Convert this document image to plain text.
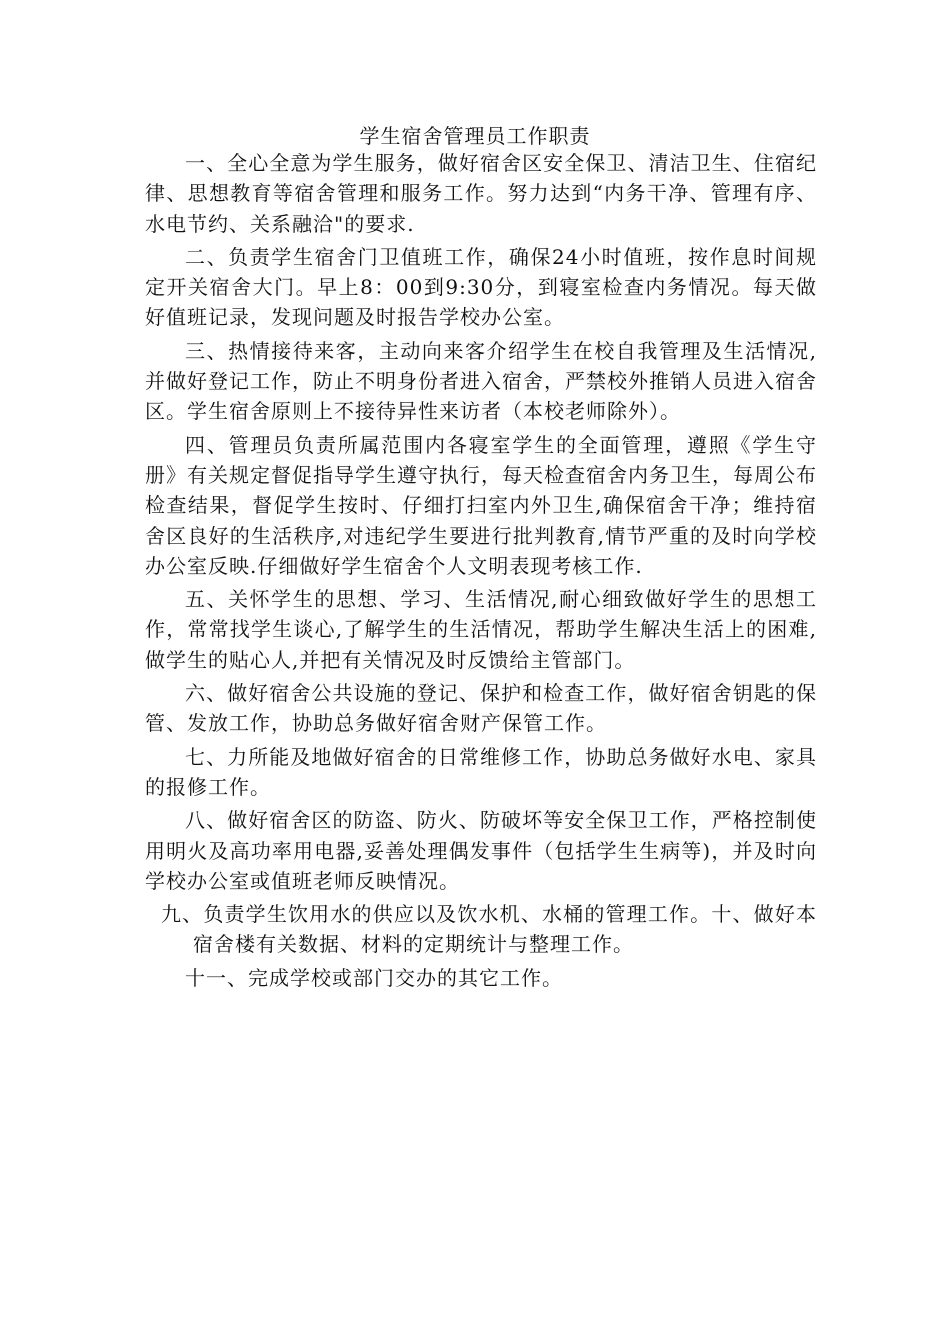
学生宿舍管理员工作职责

一、全心全意为学生服务，做好宿舍区安全保卫、清洁卫生、住宿纪律、思想教育等宿舍管理和服务工作。努力达到“内务干净、管理有序、水电节约、关系融洽"的要求.

二、负责学生宿舍门卫值班工作，确保24小时值班，按作息时间规定开关宿舍大门。早上8：00到9:30分，到寝室检查内务情况。每天做好值班记录，发现问题及时报告学校办公室。

三、热情接待来客，主动向来客介绍学生在校自我管理及生活情况,并做好登记工作，防止不明身份者进入宿舍，严禁校外推销人员进入宿舍区。学生宿舍原则上不接待异性来访者（本校老师除外）。

四、管理员负责所属范围内各寝室学生的全面管理，遵照《学生守册》有关规定督促指导学生遵守执行，每天检查宿舍内务卫生，每周公布检查结果，督促学生按时、仔细打扫室内外卫生,确保宿舍干净；维持宿舍区良好的生活秩序,对违纪学生要进行批判教育,情节严重的及时向学校办公室反映.仔细做好学生宿舍个人文明表现考核工作.

五、关怀学生的思想、学习、生活情况,耐心细致做好学生的思想工作，常常找学生谈心,了解学生的生活情况，帮助学生解决生活上的困难,做学生的贴心人,并把有关情况及时反馈给主管部门。

六、做好宿舍公共设施的登记、保护和检查工作，做好宿舍钥匙的保管、发放工作，协助总务做好宿舍财产保管工作。

七、力所能及地做好宿舍的日常维修工作，协助总务做好水电、家具的报修工作。

八、做好宿舍区的防盗、防火、防破坏等安全保卫工作，严格控制使用明火及高功率用电器,妥善处理偶发事件（包括学生生病等)，并及时向学校办公室或值班老师反映情况。

九、负责学生饮用水的供应以及饮水机、水桶的管理工作。十、做好本宿舍楼有关数据、材料的定期统计与整理工作。

十一、完成学校或部门交办的其它工作。
